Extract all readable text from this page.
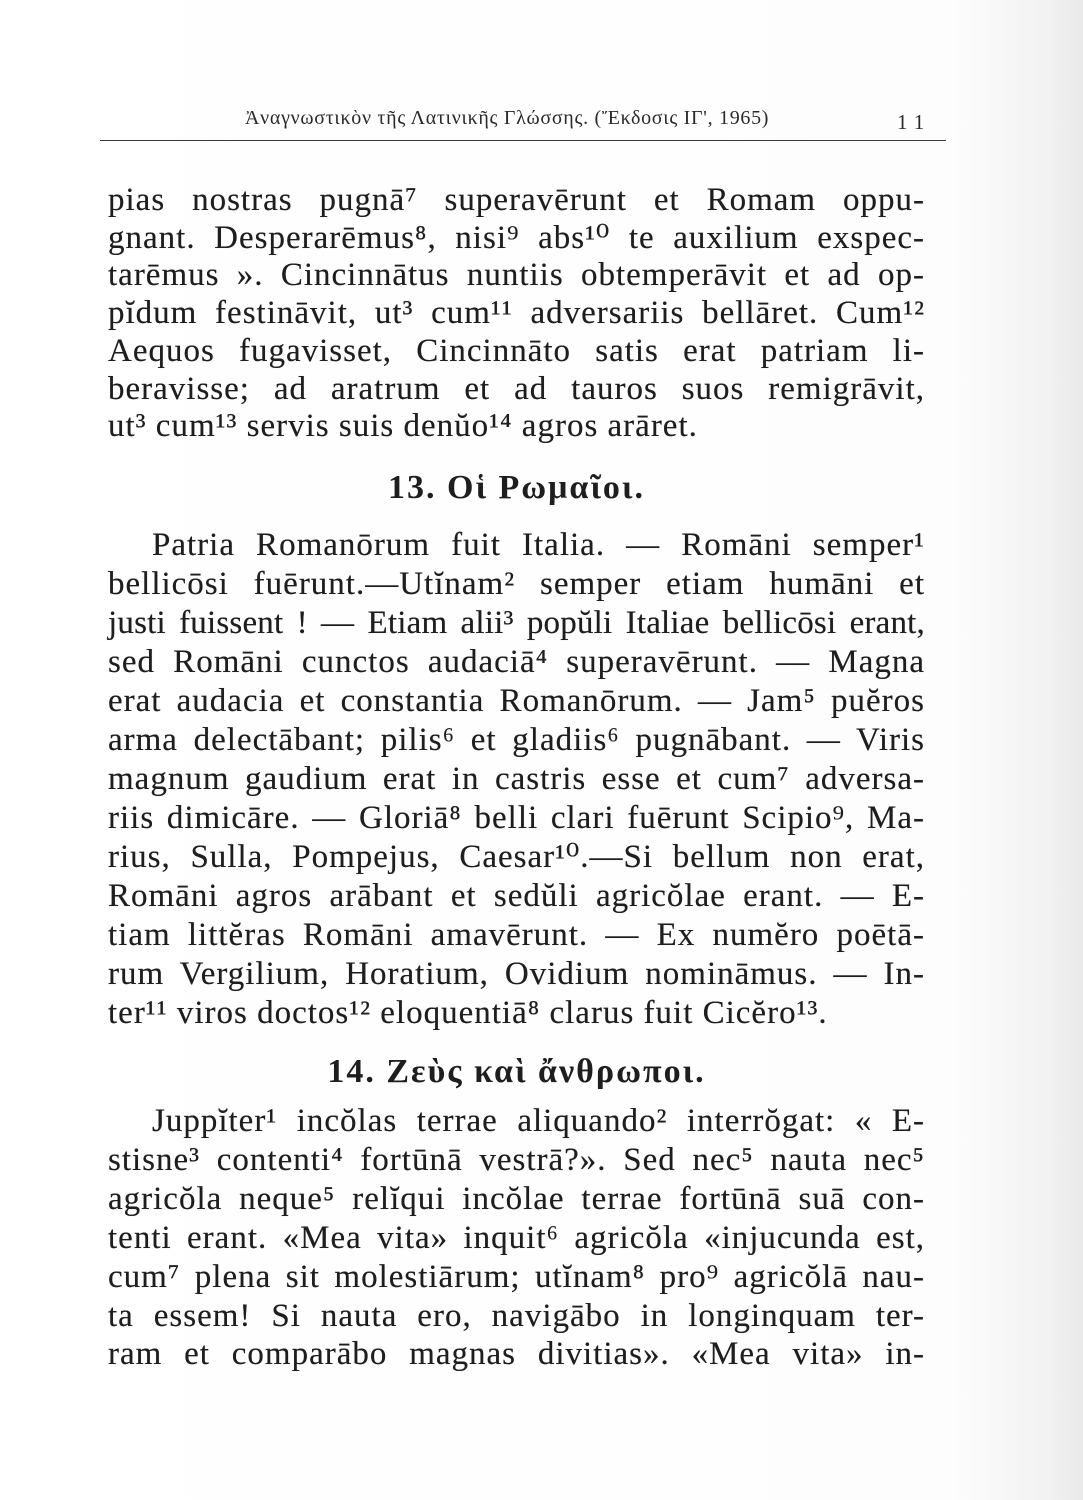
Ἀναγνωστικὸν τῆς Λατινικῆς Γλώσσης. (Ἔκδοσις ΙΓ', 1965)	11
pias nostras pugnā⁷ superavērunt et Romam oppu-
gnant. Desperarēmus⁸, nisi⁹ abs¹⁰ te auxilium exspec-
tarēmus ». Cincinnātus nuntiis obtemperāvit et ad op-
pĭdum festināvit, ut³ cum¹¹ adversariis bellāret. Cum¹²
Aequos fugavisset, Cincinnāto satis erat patriam li-
beravisse; ad aratrum et ad tauros suos remigrāvit,
ut³ cum¹³ servis suis denŭo¹⁴ agros arāret.
13. Οἱ Ρωμαῖοι.
Patria Romanōrum fuit Italia. — Romāni semper¹
bellicōsi fuērunt.—Utĭnam² semper etiam humāni et
justi fuissent ! — Etiam alii³ popŭli Italiae bellicōsi erant,
sed Romāni cunctos audaciā⁴ superavērunt. — Magna
erat audacia et constantia Romanōrum. — Jam⁵ puĕros
arma delectābant; pilis⁶ et gladiis⁶ pugnābant. — Viris
magnum gaudium erat in castris esse et cum⁷ adversa-
riis dimicāre. — Gloriā⁸ belli clari fuērunt Scipio⁹, Ma-
rius, Sulla, Pompejus, Caesar¹⁰.—Si bellum non erat,
Romāni agros arābant et sedŭli agricŏlae erant. — E-
tiam littĕras Romāni amavērunt. — Ex numĕro poētā-
rum Vergilium, Horatium, Ovidium nomināmus. — In-
ter¹¹ viros doctos¹² eloquentiā⁸ clarus fuit Cicĕro¹³.
14. Ζεὺς καὶ ἄνθρωποι.
Juppĭter¹ incŏlas terrae aliquando² interrŏgat: « E-
stisne³ contenti⁴ fortūnā vestrā?». Sed nec⁵ nauta nec⁵
agricŏla neque⁵ relĭqui incŏlae terrae fortūnā suā con-
tenti erant. «Mea vita» inquit⁶ agricŏla «injucunda est,
cum⁷ plena sit molestiārum; utĭnam⁸ pro⁹ agricŏlā nau-
ta essem! Si nauta ero, navigābo in longinquam ter-
ram et comparābo magnas divitias». «Mea vita» in-
